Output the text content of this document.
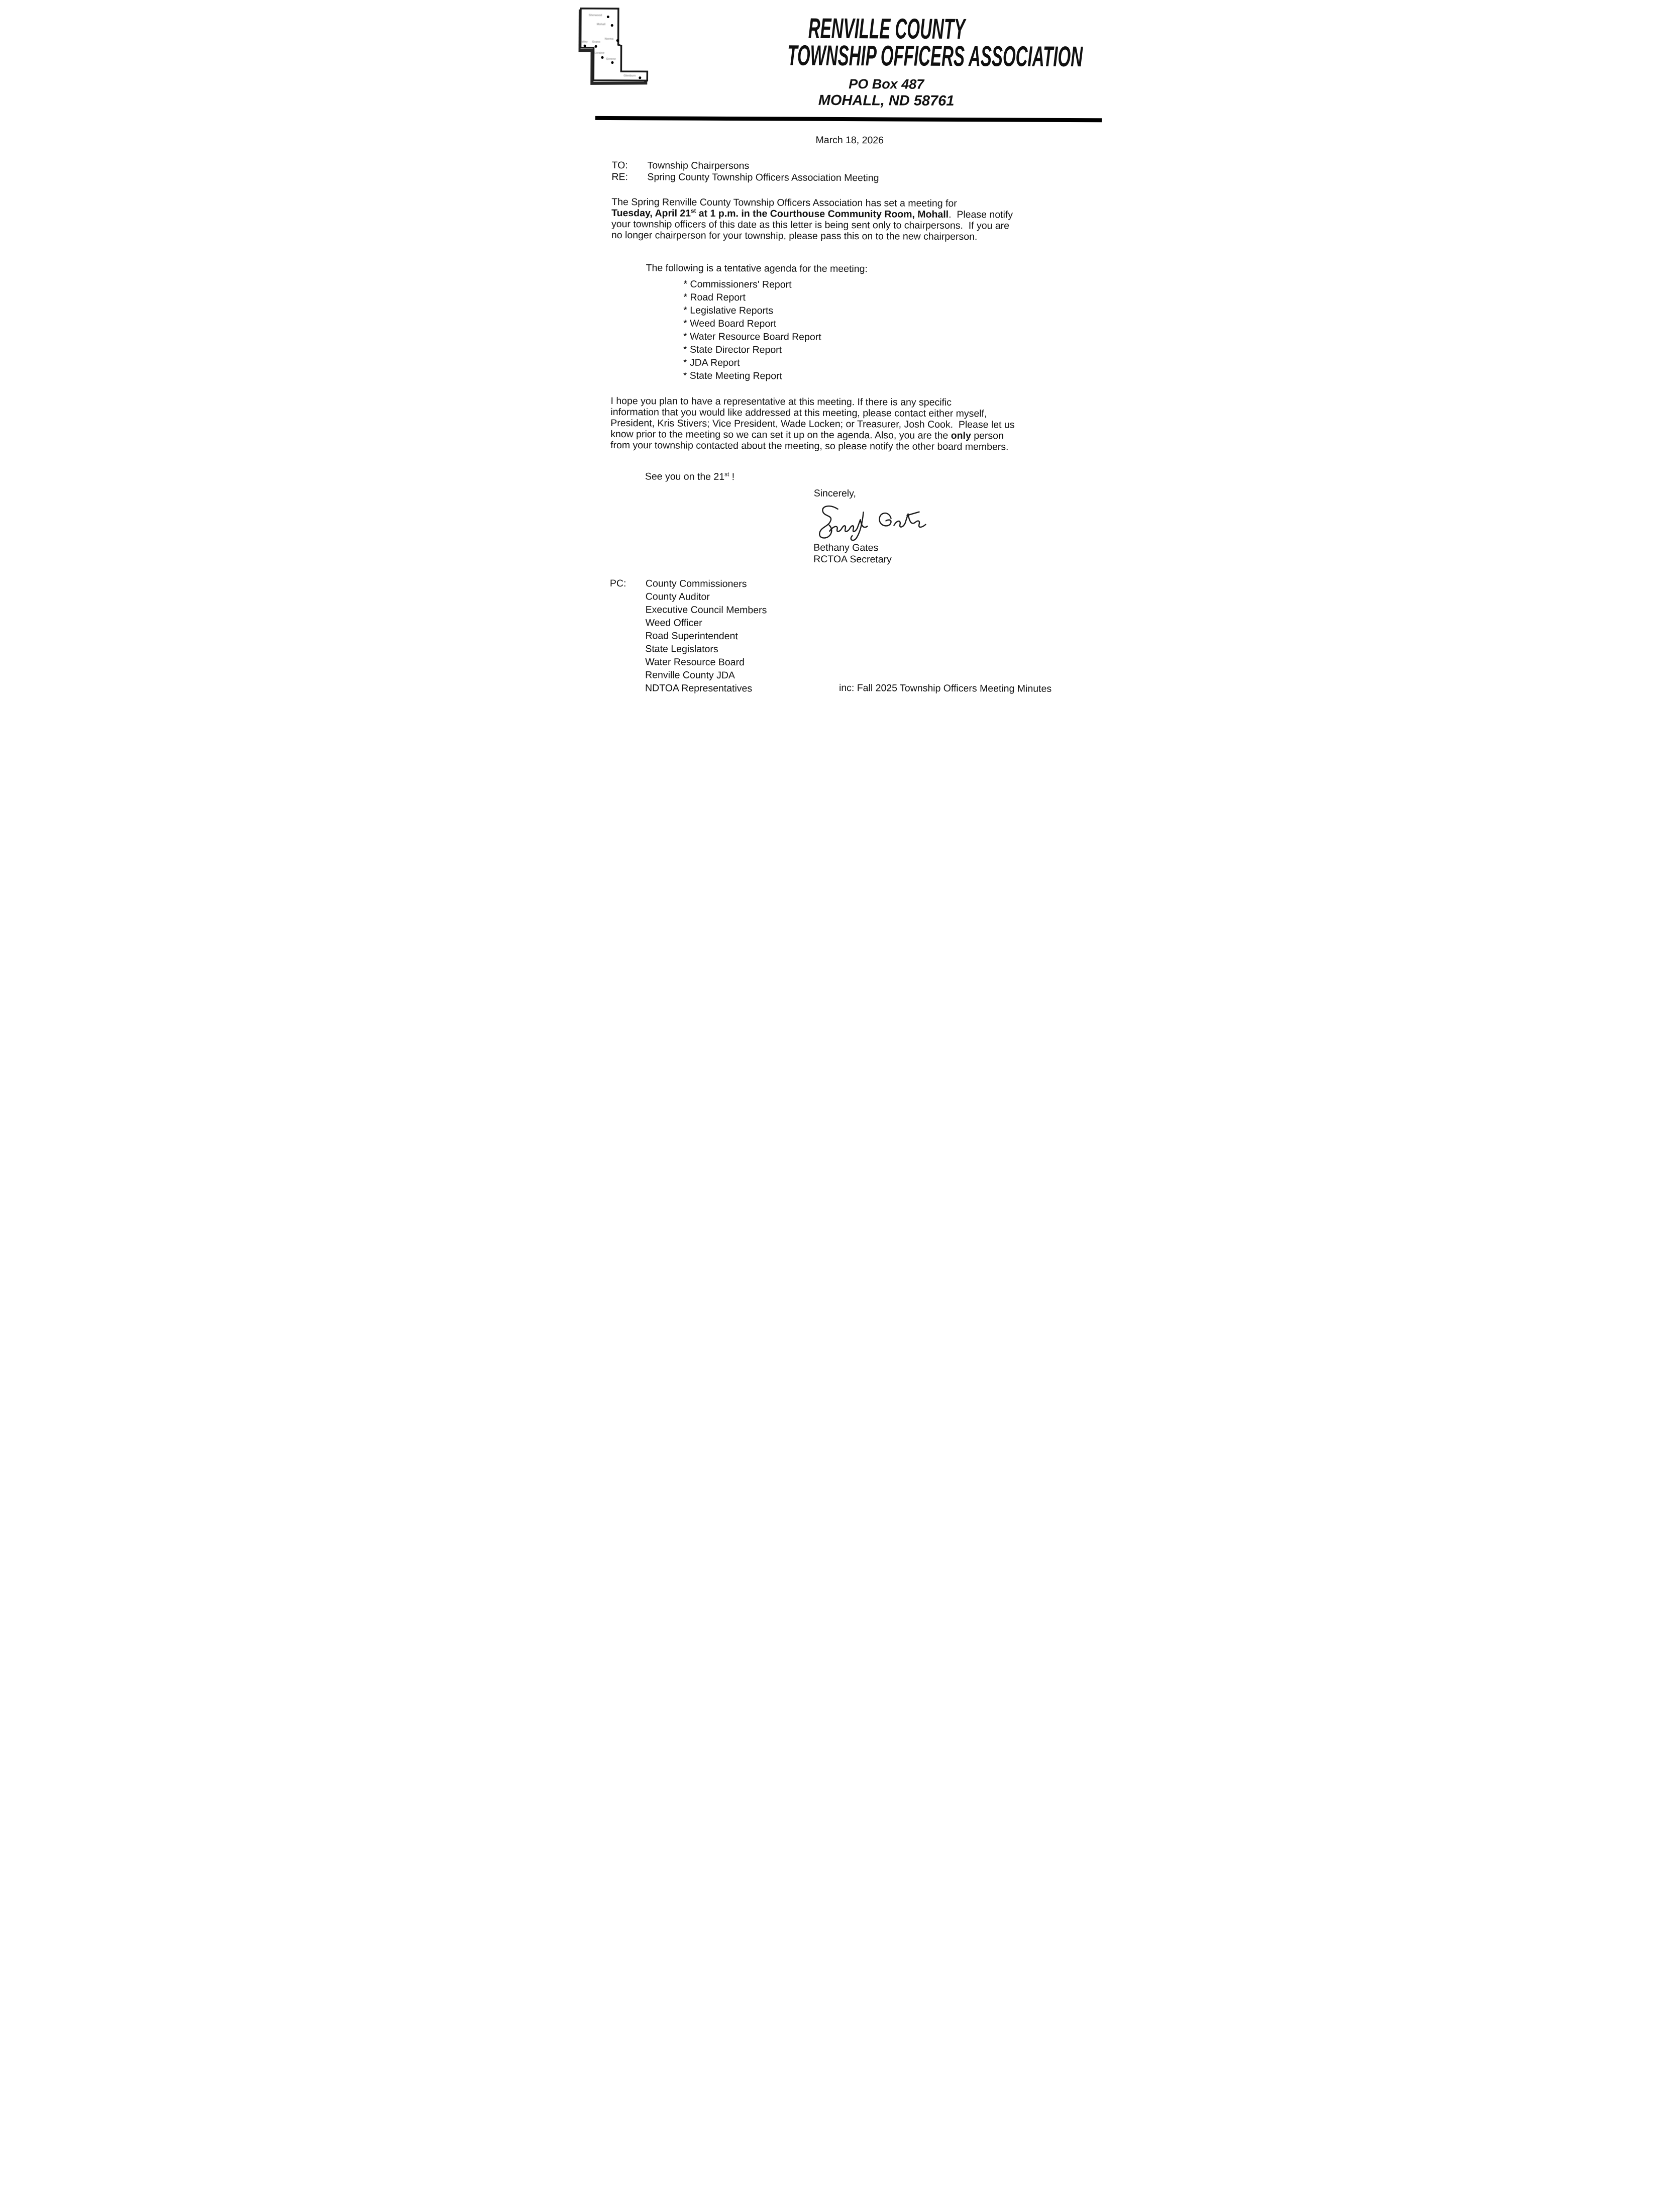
Sherwood
Mohall
Norma
Tolley Grano
Loraine
Greene
Glenburn
RENVILLE COUNTY
TOWNSHIP OFFICERS ASSOCIATION
PO Box 487
MOHALL, ND 58761
March 18, 2026
TO: Township Chairpersons
RE: Spring County Township Officers Association Meeting
The Spring Renville County Township Officers Association has set a meeting for
Tuesday, April 21st at 1 p.m. in the Courthouse Community Room, Mohall.  Please notify
your township officers of this date as this letter is being sent only to chairpersons.  If you are
no longer chairperson for your township, please pass this on to the new chairperson.
The following is a tentative agenda for the meeting:
* Commissioners' Report
* Road Report
* Legislative Reports
* Weed Board Report
* Water Resource Board Report
* State Director Report
* JDA Report
* State Meeting Report
I hope you plan to have a representative at this meeting. If there is any specific
information that you would like addressed at this meeting, please contact either myself,
President, Kris Stivers; Vice President, Wade Locken; or Treasurer, Josh Cook.  Please let us
know prior to the meeting so we can set it up on the agenda. Also, you are the only person
from your township contacted about the meeting, so please notify the other board members.
See you on the 21st !
Sincerely,
Bethany Gates
RCTOA Secretary
PC:	County Commissioners
County Auditor
Executive Council Members
Weed Officer
Road Superintendent
State Legislators
Water Resource Board
Renville County JDA
NDTOA Representatives	inc: Fall 2025 Township Officers Meeting Minutes
